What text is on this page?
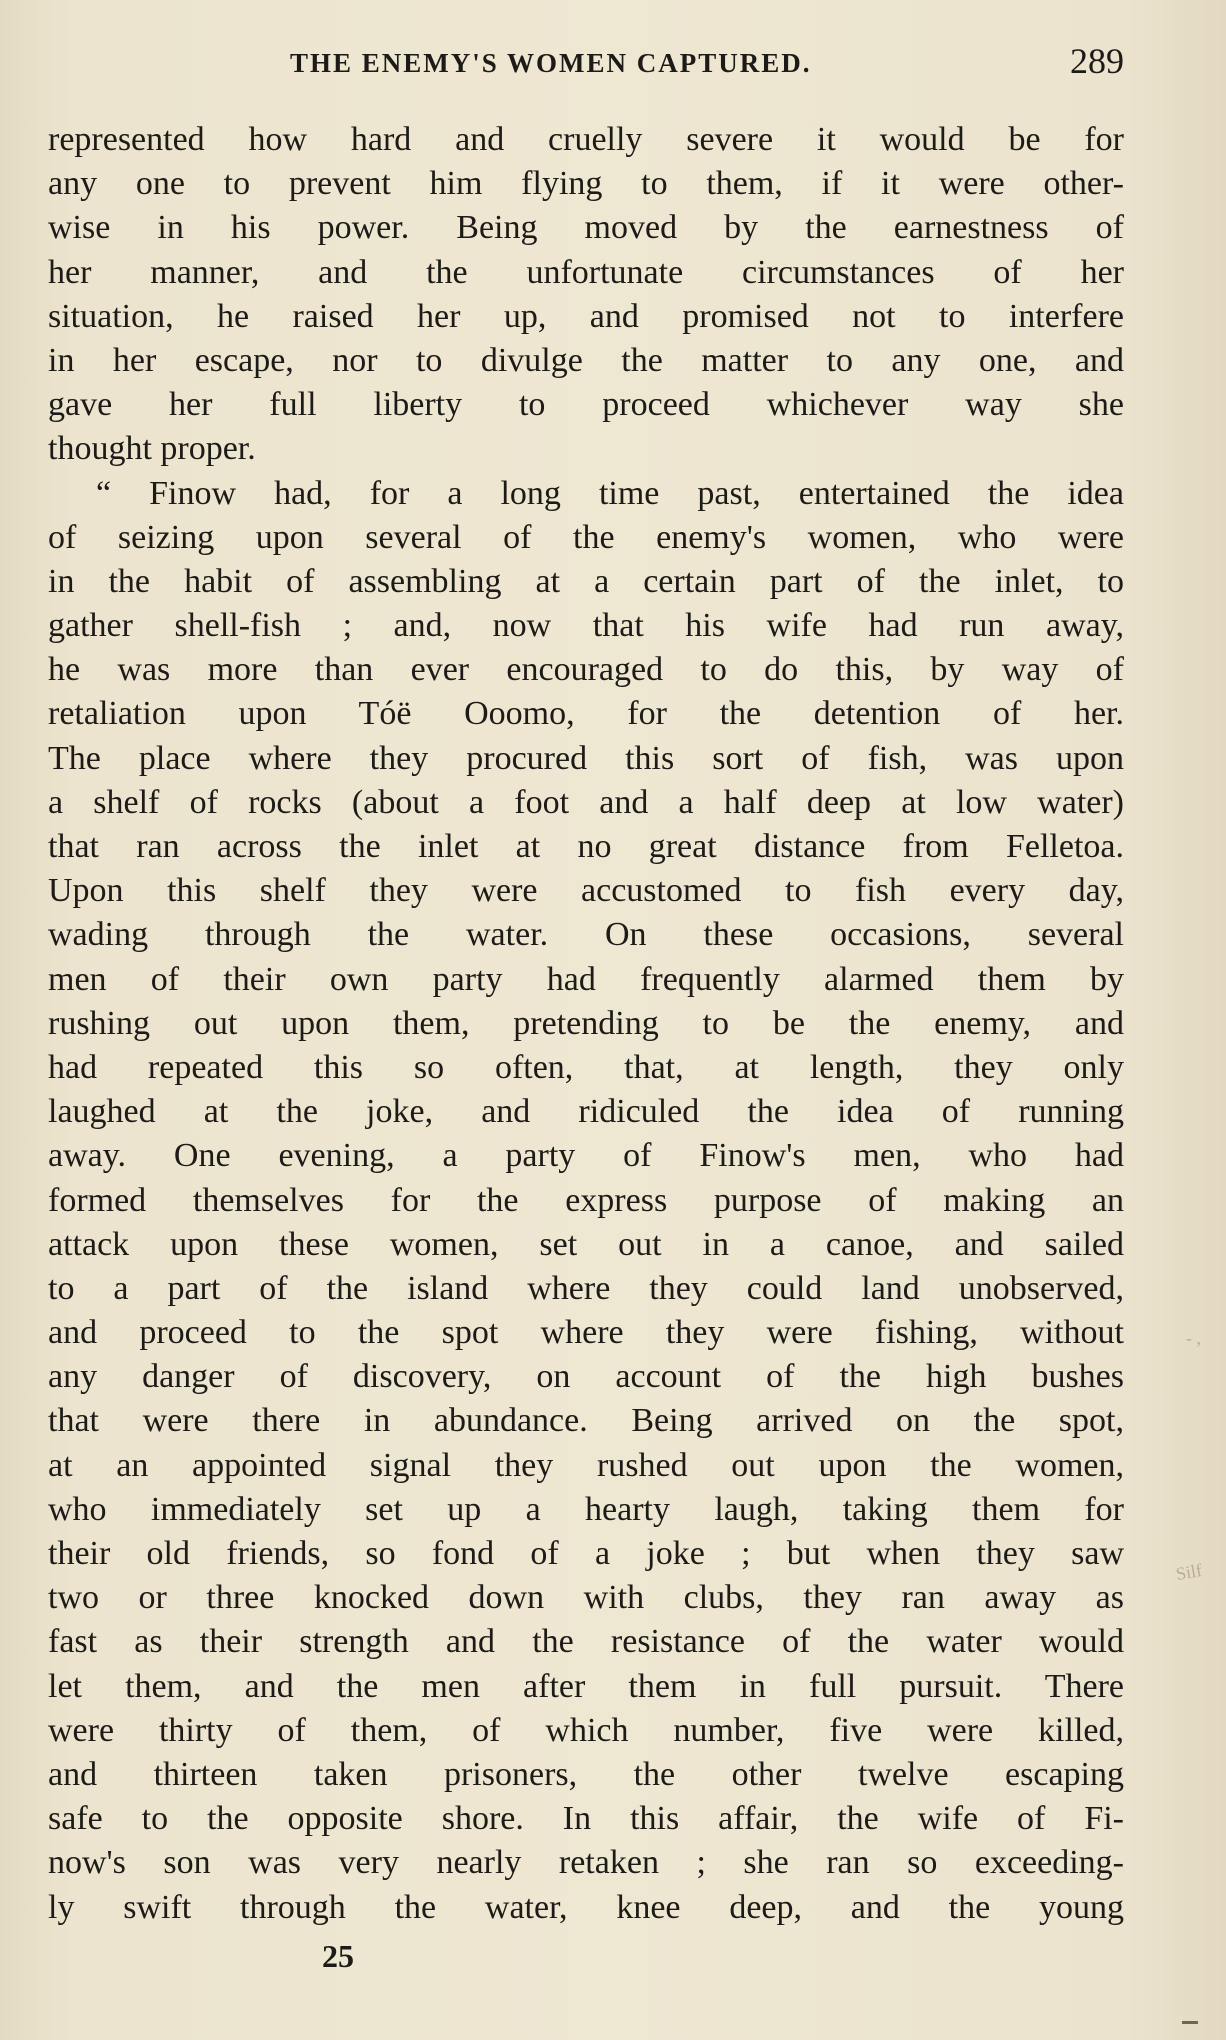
THE ENEMY'S WOMEN CAPTURED.	289
represented how hard and cruelly severe it would be for
any one to prevent him flying to them, if it were other-
wise in his power. Being moved by the earnestness of
her manner, and the unfortunate circumstances of her
situation, he raised her up, and promised not to interfere
in her escape, nor to divulge the matter to any one, and
gave her full liberty to proceed whichever way she
thought proper.
“ Finow had, for a long time past, entertained the idea
of seizing upon several of the enemy's women, who were
in the habit of assembling at a certain part of the inlet, to
gather shell-fish ; and, now that his wife had run away,
he was more than ever encouraged to do this, by way of
retaliation upon Tóë Ooomo, for the detention of her.
The place where they procured this sort of fish, was upon
a shelf of rocks (about a foot and a half deep at low water)
that ran across the inlet at no great distance from Felletoa.
Upon this shelf they were accustomed to fish every day,
wading through the water. On these occasions, several
men of their own party had frequently alarmed them by
rushing out upon them, pretending to be the enemy, and
had repeated this so often, that, at length, they only
laughed at the joke, and ridiculed the idea of running
away. One evening, a party of Finow's men, who had
formed themselves for the express purpose of making an
attack upon these women, set out in a canoe, and sailed
to a part of the island where they could land unobserved,
and proceed to the spot where they were fishing, without
any danger of discovery, on account of the high bushes
that were there in abundance. Being arrived on the spot,
at an appointed signal they rushed out upon the women,
who immediately set up a hearty laugh, taking them for
their old friends, so fond of a joke ; but when they saw
two or three knocked down with clubs, they ran away as
fast as their strength and the resistance of the water would
let them, and the men after them in full pursuit. There
were thirty of them, of which number, five were killed,
and thirteen taken prisoners, the other twelve escaping
safe to the opposite shore. In this affair, the wife of Fi-
now's son was very nearly retaken ; she ran so exceeding-
ly swift through the water, knee deep, and the young
25
- ,
Silf
